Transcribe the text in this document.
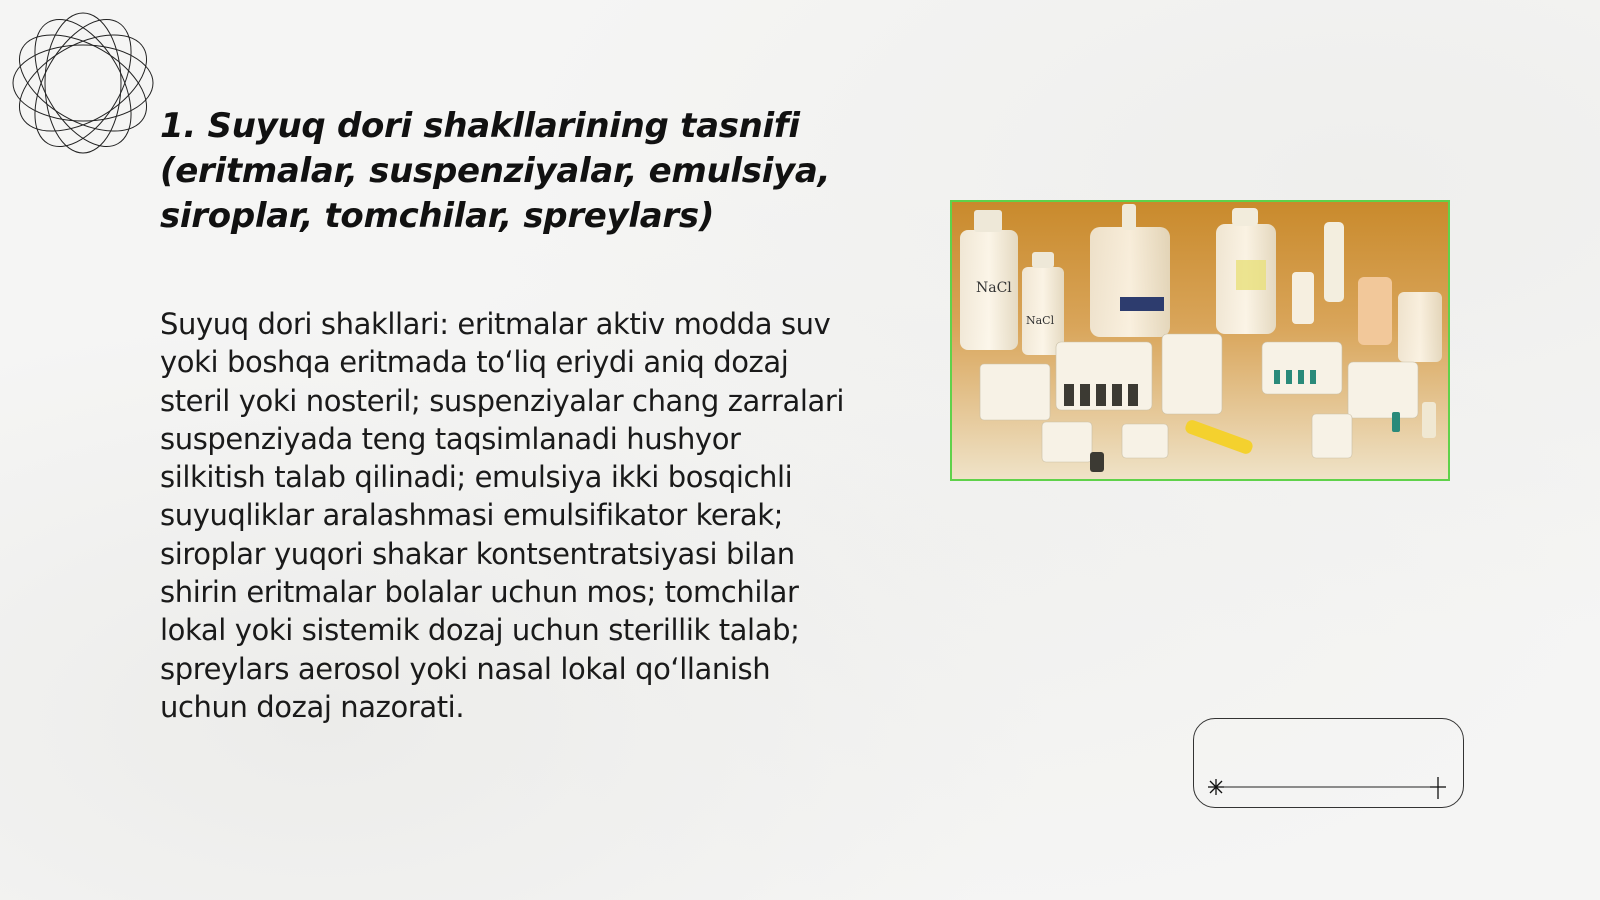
1. Suyuq dori shakllarining tasnifi (eritmalar, suspenziyalar, emulsiya, siroplar, tomchilar, spreylars)

Suyuq dori shakllari: eritmalar aktiv modda suv yoki boshqa eritmada to‘liq eriydi aniq dozaj steril yoki nosteril; suspenziyalar chang zarralari suspenziyada teng taqsimlanadi hushyor silkitish talab qilinadi; emulsiya ikki bosqichli suyuqliklar aralashmasi emulsifikator kerak; siroplar yuqori shakar kontsentratsiyasi bilan shirin eritmalar bolalar uchun mos; tomchilar lokal yoki sistemik dozaj uchun sterillik talab; spreylars aerosol yoki nasal lokal qo‘llanish uchun dozaj nazorati.

NaCl
NaCl
